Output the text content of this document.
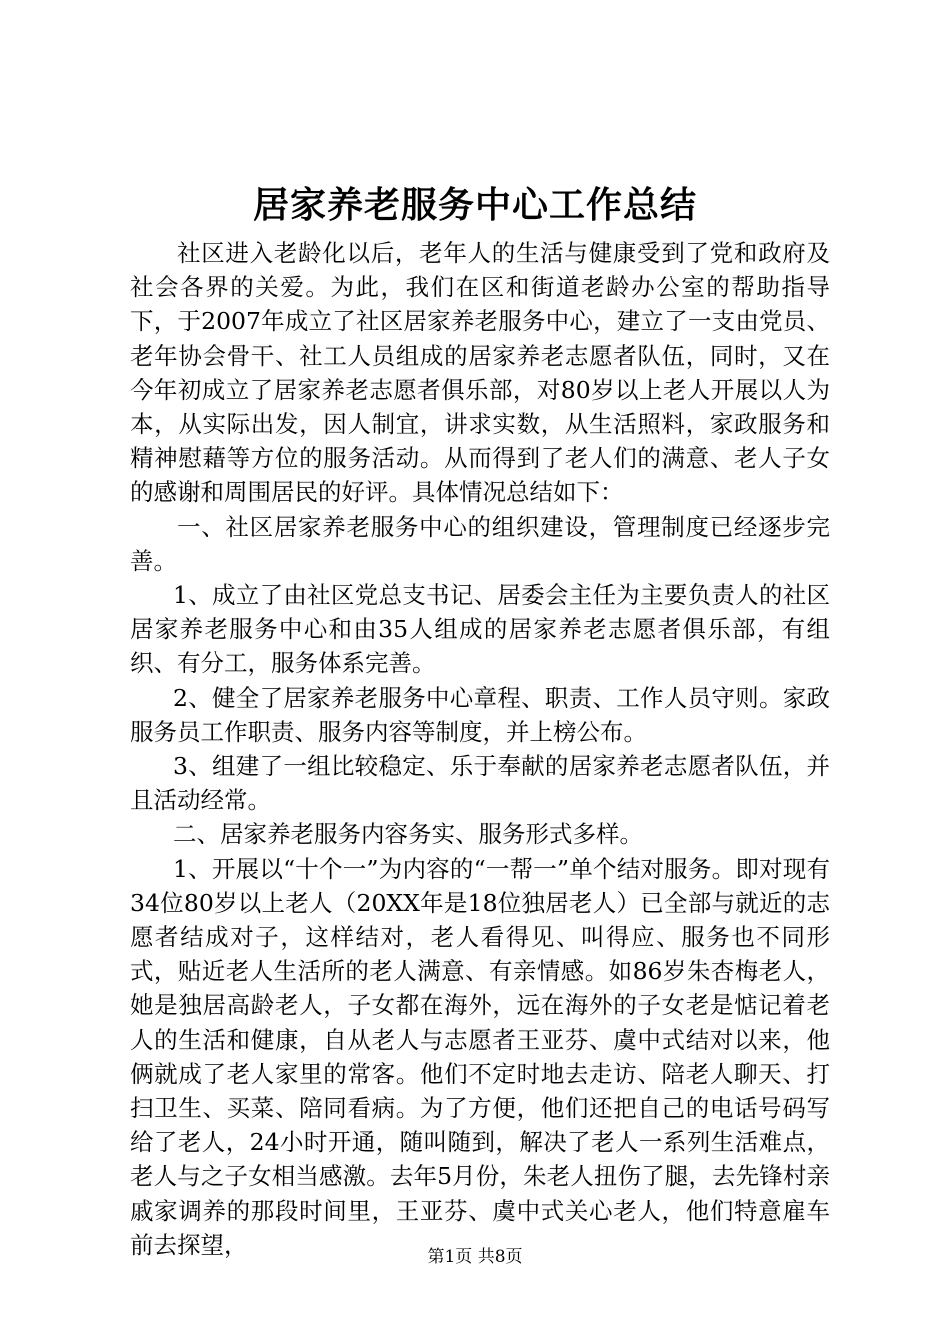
居家养老服务中心工作总结

社区进入老龄化以后，老年人的生活与健康受到了党和政府及社会各界的关爱。为此，我们在区和街道老龄办公室的帮助指导下，于2007年成立了社区居家养老服务中心，建立了一支由党员、老年协会骨干、社工人员组成的居家养老志愿者队伍，同时，又在今年初成立了居家养老志愿者俱乐部，对80岁以上老人开展以人为本，从实际出发，因人制宜，讲求实数，从生活照料，家政服务和精神慰藉等方位的服务活动。从而得到了老人们的满意、老人子女的感谢和周围居民的好评。具体情况总结如下：

一、社区居家养老服务中心的组织建设，管理制度已经逐步完善。

1、成立了由社区党总支书记、居委会主任为主要负责人的社区居家养老服务中心和由35人组成的居家养老志愿者俱乐部，有组织、有分工，服务体系完善。

2、健全了居家养老服务中心章程、职责、工作人员守则。家政服务员工作职责、服务内容等制度，并上榜公布。

3、组建了一组比较稳定、乐于奉献的居家养老志愿者队伍，并且活动经常。

二、居家养老服务内容务实、服务形式多样。

1、开展以“十个一”为内容的“一帮一”单个结对服务。即对现有34位80岁以上老人（20XX年是18位独居老人）已全部与就近的志愿者结成对子，这样结对，老人看得见、叫得应、服务也不同形式，贴近老人生活所的老人满意、有亲情感。如86岁朱杏梅老人，她是独居高龄老人，子女都在海外，远在海外的子女老是惦记着老人的生活和健康，自从老人与志愿者王亚芬、虞中式结对以来，他俩就成了老人家里的常客。他们不定时地去走访、陪老人聊天、打扫卫生、买菜、陪同看病。为了方便，他们还把自己的电话号码写给了老人，24小时开通，随叫随到，解决了老人一系列生活难点，老人与之子女相当感激。去年5月份，朱老人扭伤了腿，去先锋村亲戚家调养的那段时间里，王亚芬、虞中式关心老人，他们特意雇车前去探望，	第1页 共8页
